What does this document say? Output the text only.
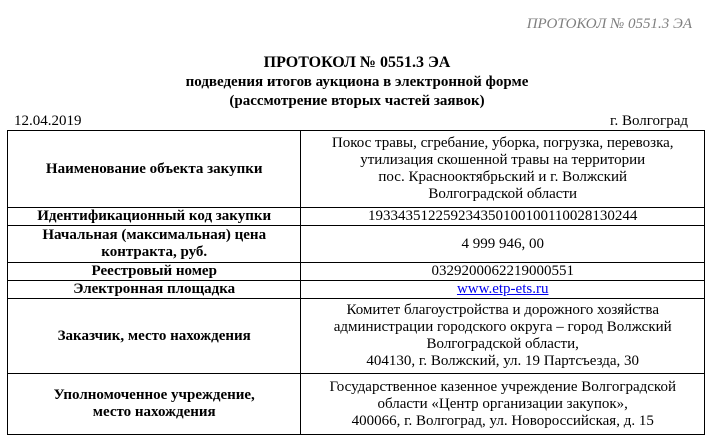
ПРОТОКОЛ № 0551.3 ЭА
ПРОТОКОЛ № 0551.3 ЭА
подведения итогов аукциона в электронной форме
(рассмотрение вторых частей заявок)
12.04.2019	г. Волгоград
Наименование объекта закупки	Покос травы, сгребание, уборка, погрузка, перевозка,
утилизация скошенной травы на территории
пос. Краснооктябрьский и г. Волжский
Волгоградской области

Идентификационный код закупки	193343512259234350100100110028130244

Начальная (максимальная) цена
контракта, руб.	4 999 946, 00
Реестровый номер	0329200062219000551
Электронная площадка	www.etp-ets.ru
Заказчик, место нахождения	Комитет благоустройства и дорожного хозяйства
администрации городского округа – город Волжский
Волгоградской области,
404130, г. Волжский, ул. 19 Партсъезда, 30

Уполномоченное учреждение,
место нахождения	Государственное казенное учреждение Волгоградской
области «Центр организации закупок»,
400066, г. Волгоград, ул. Новороссийская, д. 15
